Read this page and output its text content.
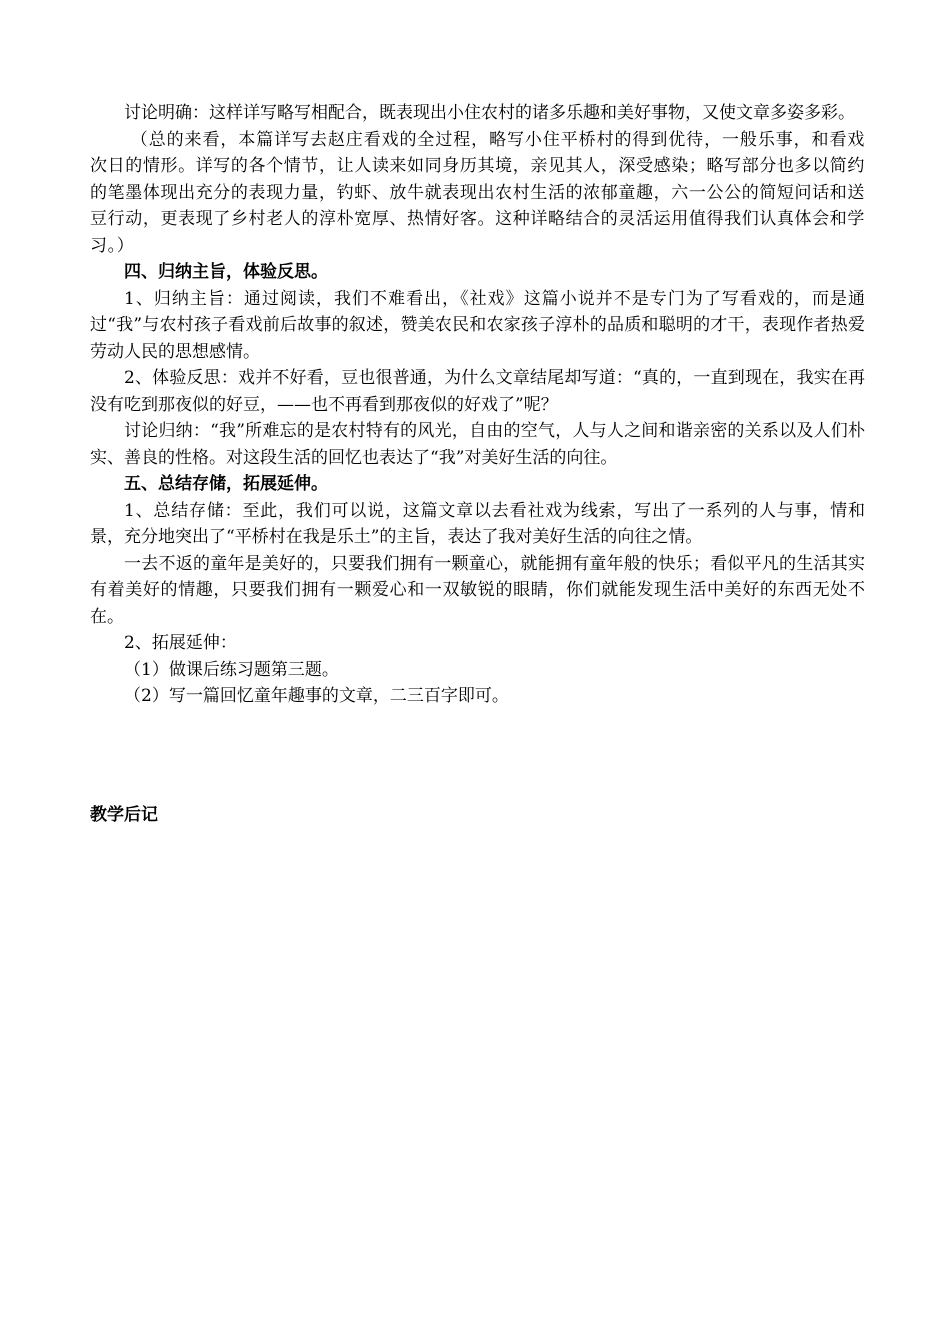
讨论明确：这样详写略写相配合，既表现出小住农村的诸多乐趣和美好事物，又使文章多姿多彩。

（总的来看，本篇详写去赵庄看戏的全过程，略写小住平桥村的得到优待，一般乐事，和看戏次日的情形。详写的各个情节，让人读来如同身历其境，亲见其人，深受感染；略写部分也多以简约的笔墨体现出充分的表现力量，钓虾、放牛就表现出农村生活的浓郁童趣，六一公公的简短问话和送豆行动，更表现了乡村老人的淳朴宽厚、热情好客。这种详略结合的灵活运用值得我们认真体会和学习。）

四、归纳主旨，体验反思。

1、归纳主旨：通过阅读，我们不难看出，《社戏》这篇小说并不是专门为了写看戏的，而是通过“我”与农村孩子看戏前后故事的叙述，赞美农民和农家孩子淳朴的品质和聪明的才干，表现作者热爱劳动人民的思想感情。

2、体验反思：戏并不好看，豆也很普通，为什么文章结尾却写道：“真的，一直到现在，我实在再没有吃到那夜似的好豆，——也不再看到那夜似的好戏了”呢？

讨论归纳：“我”所难忘的是农村特有的风光，自由的空气，人与人之间和谐亲密的关系以及人们朴实、善良的性格。对这段生活的回忆也表达了“我”对美好生活的向往。

五、总结存储，拓展延伸。

1、总结存储：至此，我们可以说，这篇文章以去看社戏为线索，写出了一系列的人与事，情和景，充分地突出了“平桥村在我是乐土”的主旨，表达了我对美好生活的向往之情。

一去不返的童年是美好的，只要我们拥有一颗童心，就能拥有童年般的快乐；看似平凡的生活其实有着美好的情趣，只要我们拥有一颗爱心和一双敏锐的眼睛，你们就能发现生活中美好的东西无处不在。

2、拓展延伸：

（1）做课后练习题第三题。

（2）写一篇回忆童年趣事的文章，二三百字即可。

教学后记
